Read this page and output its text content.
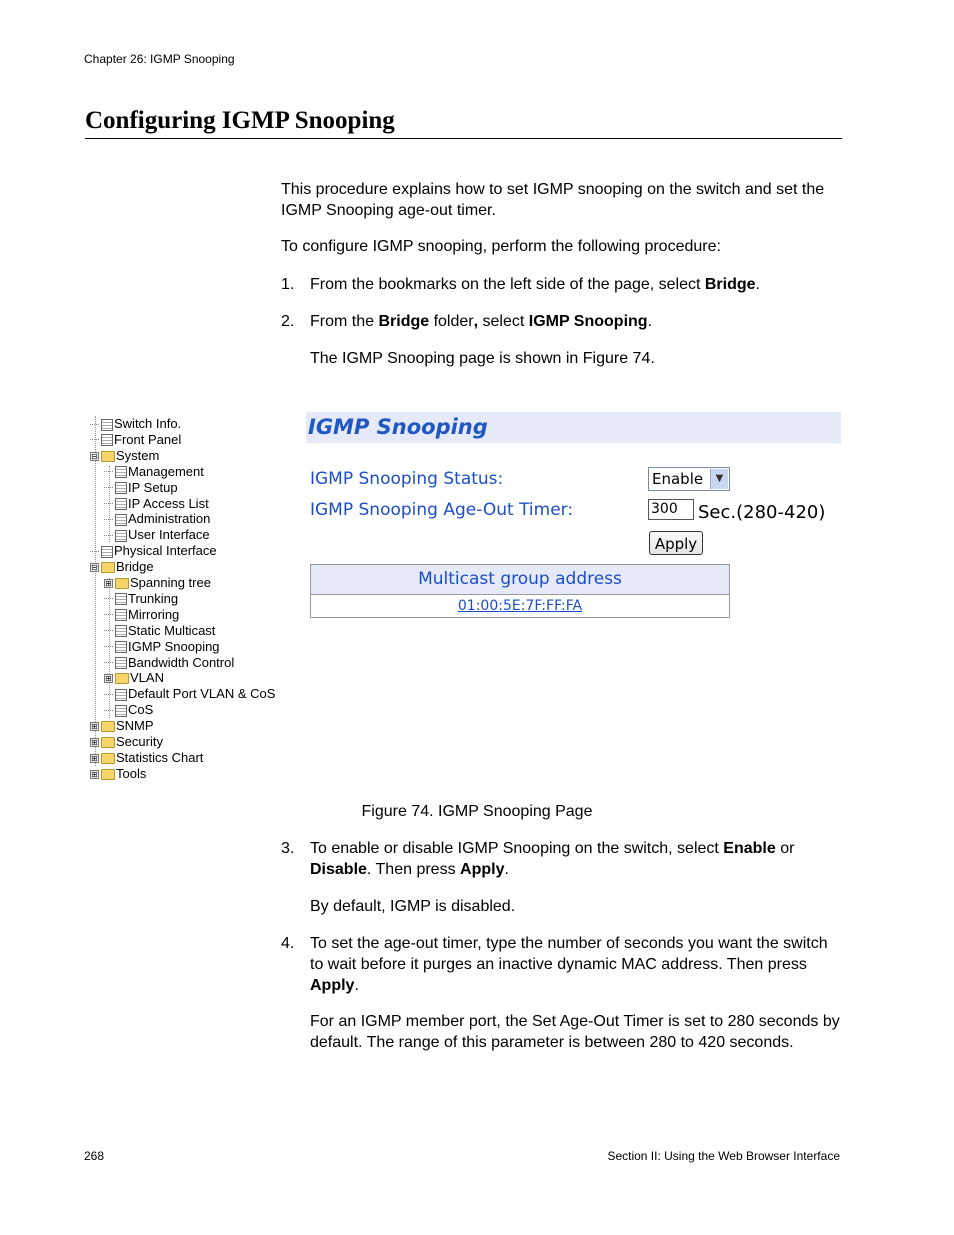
Chapter 26: IGMP Snooping
Configuring IGMP Snooping
This procedure explains how to set IGMP snooping on the switch and set the IGMP Snooping age-out timer.
To configure IGMP snooping, perform the following procedure:
1. From the bookmarks on the left side of the page, select Bridge.
2. From the Bridge folder, select IGMP Snooping.
The IGMP Snooping page is shown in Figure 74.
Switch Info.
Front Panel
⊟ System
Management
IP Setup
IP Access List
Administration
User Interface
Physical Interface
⊟ Bridge
⊞ Spanning tree
Trunking
Mirroring
Static Multicast
IGMP Snooping
Bandwidth Control
⊞ VLAN
Default Port VLAN & CoS
CoS
⊞ SNMP
⊞ Security
⊞ Statistics Chart
⊞ Tools
IGMP Snooping
IGMP Snooping Status:	Enable	▼
IGMP Snooping Age-Out Timer:	300	Sec.(280-420)
Apply
Multicast group address
01:00:5E:7F:FF:FA
Figure 74. IGMP Snooping Page
3. To enable or disable IGMP Snooping on the switch, select Enable or Disable. Then press Apply.
By default, IGMP is disabled.
4. To set the age-out timer, type the number of seconds you want the switch to wait before it purges an inactive dynamic MAC address. Then press Apply.
For an IGMP member port, the Set Age-Out Timer is set to 280 seconds by default. The range of this parameter is between 280 to 420 seconds.
268	Section II: Using the Web Browser Interface
